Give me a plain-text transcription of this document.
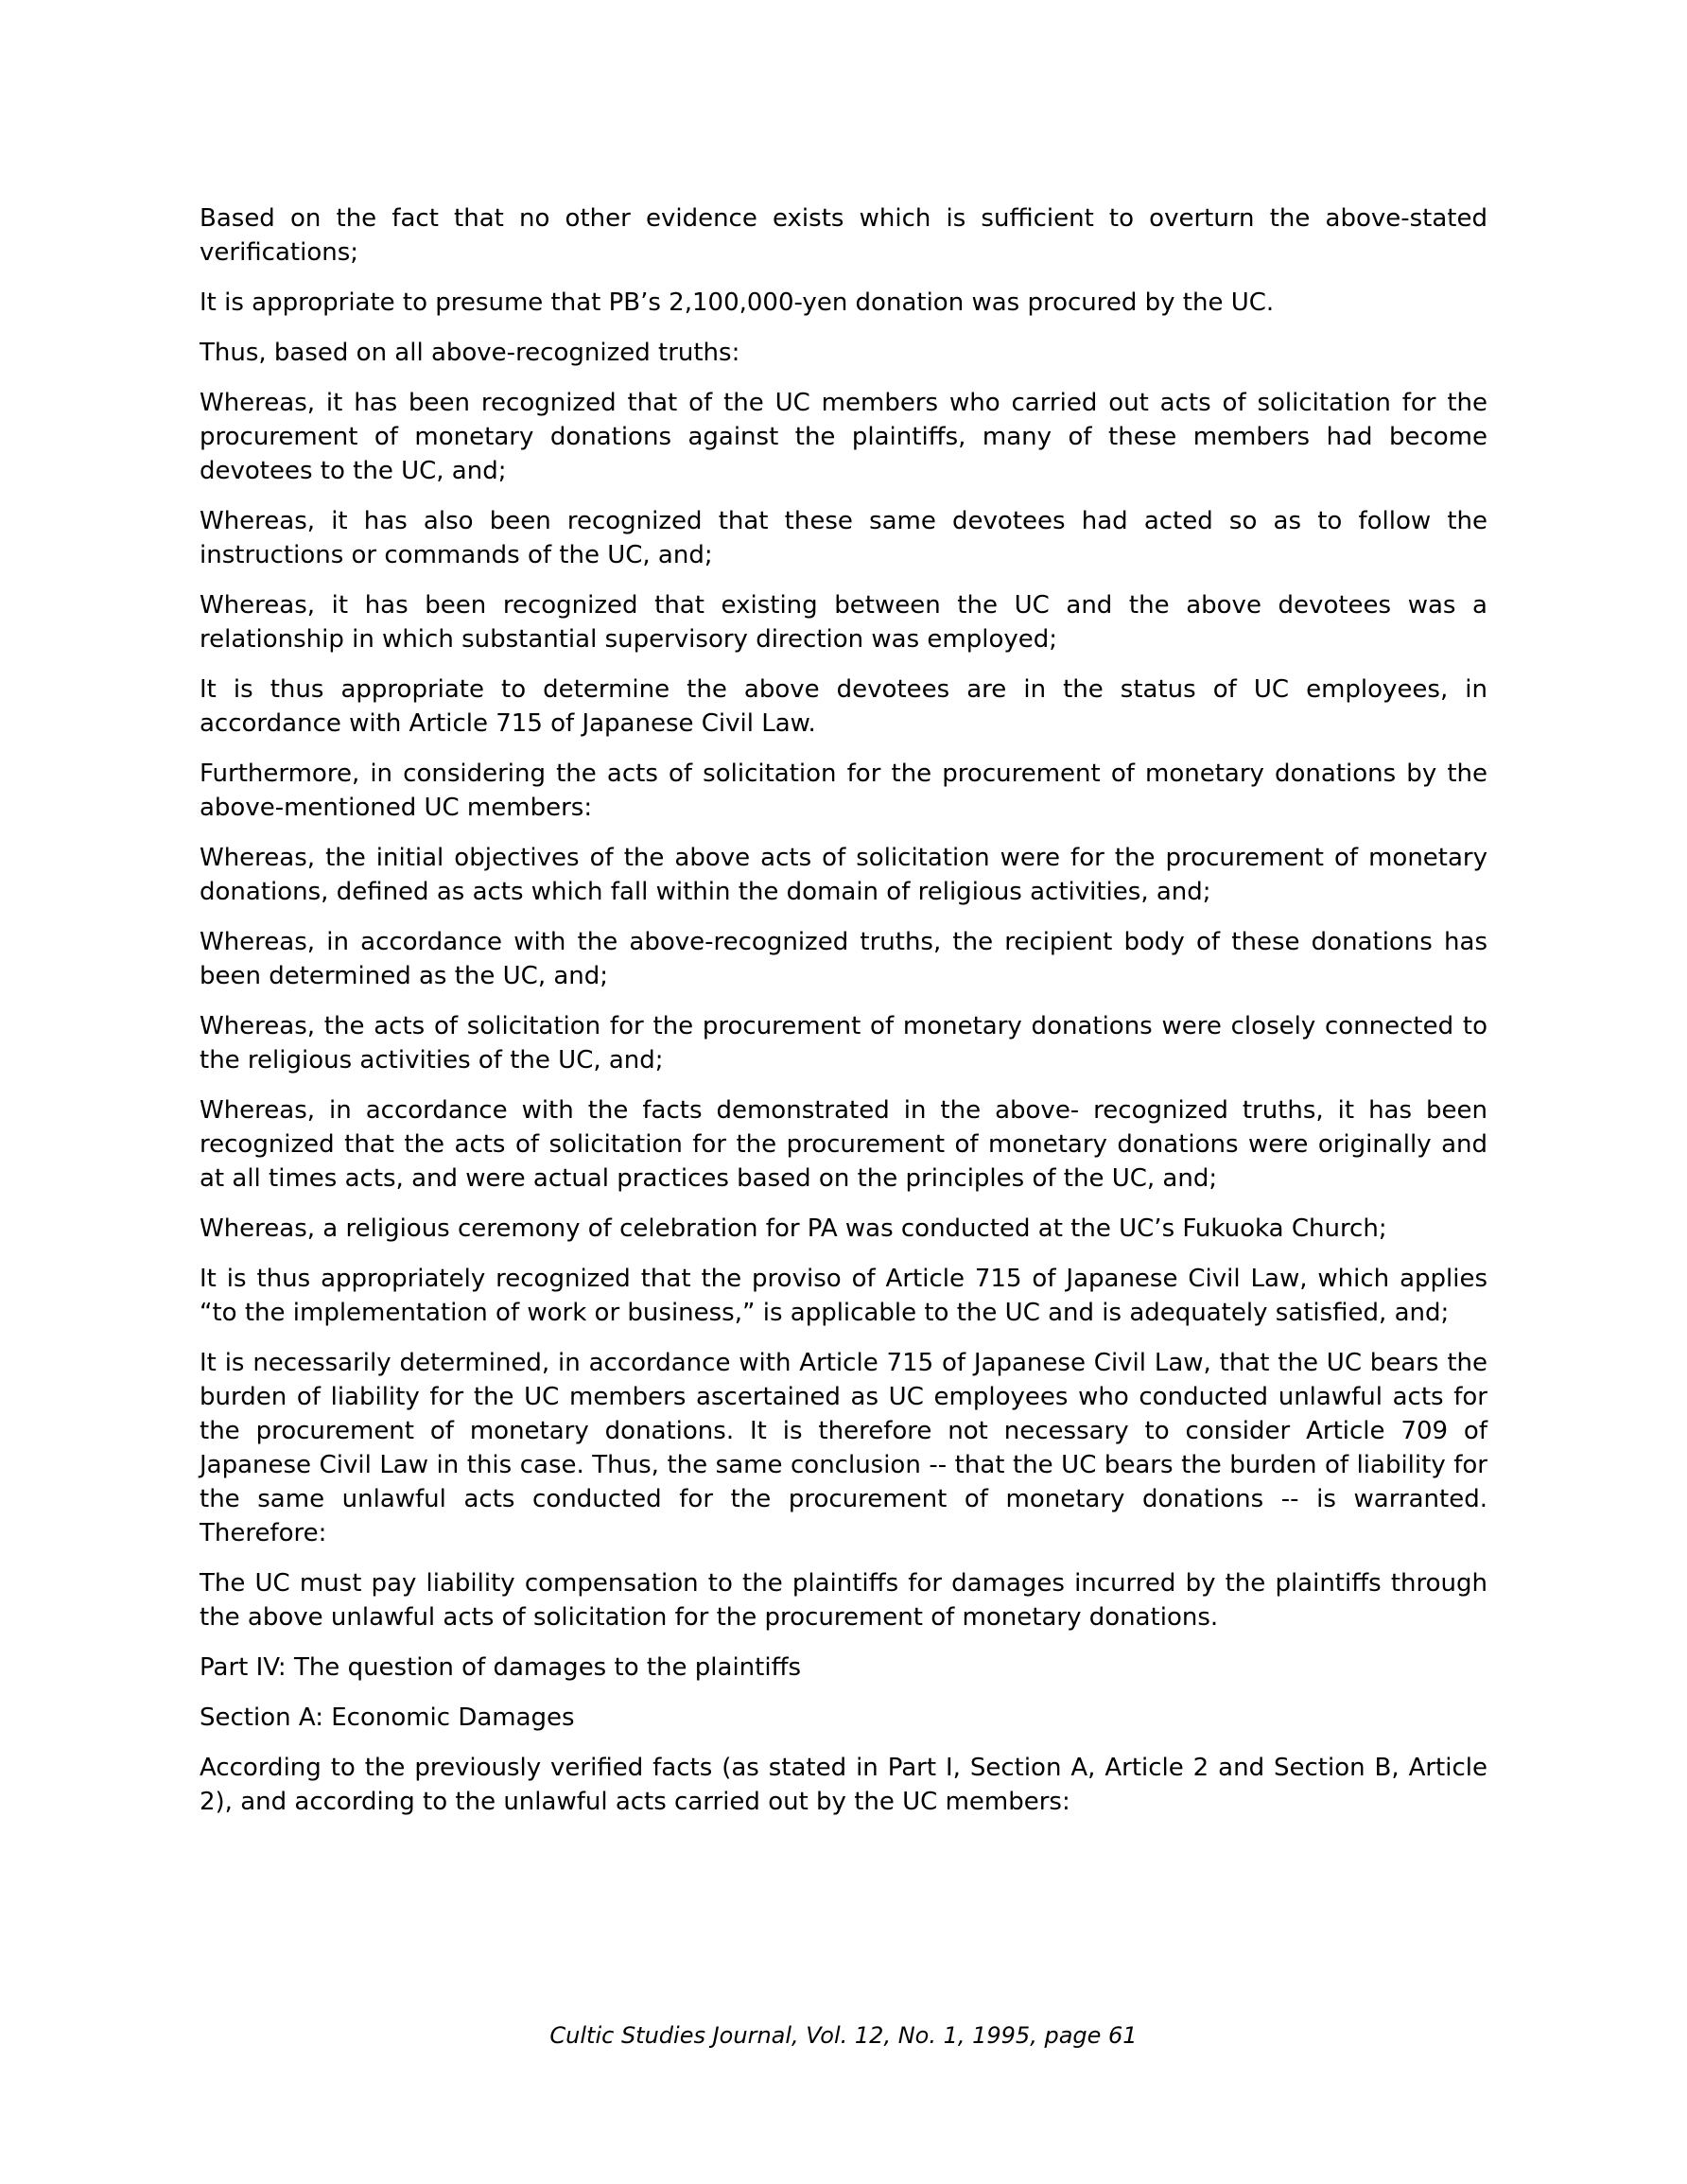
Based on the fact that no other evidence exists which is sufficient to overturn the above-stated verifications;

It is appropriate to presume that PB’s 2,100,000-yen donation was procured by the UC.

Thus, based on all above-recognized truths:

Whereas, it has been recognized that of the UC members who carried out acts of solicitation for the procurement of monetary donations against the plaintiffs, many of these members had become devotees to the UC, and;

Whereas, it has also been recognized that these same devotees had acted so as to follow the instructions or commands of the UC, and;

Whereas, it has been recognized that existing between the UC and the above devotees was a relationship in which substantial supervisory direction was employed;

It is thus appropriate to determine the above devotees are in the status of UC employees, in accordance with Article 715 of Japanese Civil Law.

Furthermore, in considering the acts of solicitation for the procurement of monetary donations by the above-mentioned UC members:

Whereas, the initial objectives of the above acts of solicitation were for the procurement of monetary donations, defined as acts which fall within the domain of religious activities, and;

Whereas, in accordance with the above-recognized truths, the recipient body of these donations has been determined as the UC, and;

Whereas, the acts of solicitation for the procurement of monetary donations were closely connected to the religious activities of the UC, and;

Whereas, in accordance with the facts demonstrated in the above- recognized truths, it has been recognized that the acts of solicitation for the procurement of monetary donations were originally and at all times acts, and were actual practices based on the principles of the UC, and;

Whereas, a religious ceremony of celebration for PA was conducted at the UC’s Fukuoka Church;

It is thus appropriately recognized that the proviso of Article 715 of Japanese Civil Law, which applies “to the implementation of work or business,” is applicable to the UC and is adequately satisfied, and;

It is necessarily determined, in accordance with Article 715 of Japanese Civil Law, that the UC bears the burden of liability for the UC members ascertained as UC employees who conducted unlawful acts for the procurement of monetary donations. It is therefore not necessary to consider Article 709 of Japanese Civil Law in this case. Thus, the same conclusion -- that the UC bears the burden of liability for the same unlawful acts conducted for the procurement of monetary donations -- is warranted. Therefore:

The UC must pay liability compensation to the plaintiffs for damages incurred by the plaintiffs through the above unlawful acts of solicitation for the procurement of monetary donations.

Part IV: The question of damages to the plaintiffs
Section A: Economic Damages

According to the previously verified facts (as stated in Part I, Section A, Article 2 and Section B, Article 2), and according to the unlawful acts carried out by the UC members:

Cultic Studies Journal, Vol. 12, No. 1, 1995, page 61
